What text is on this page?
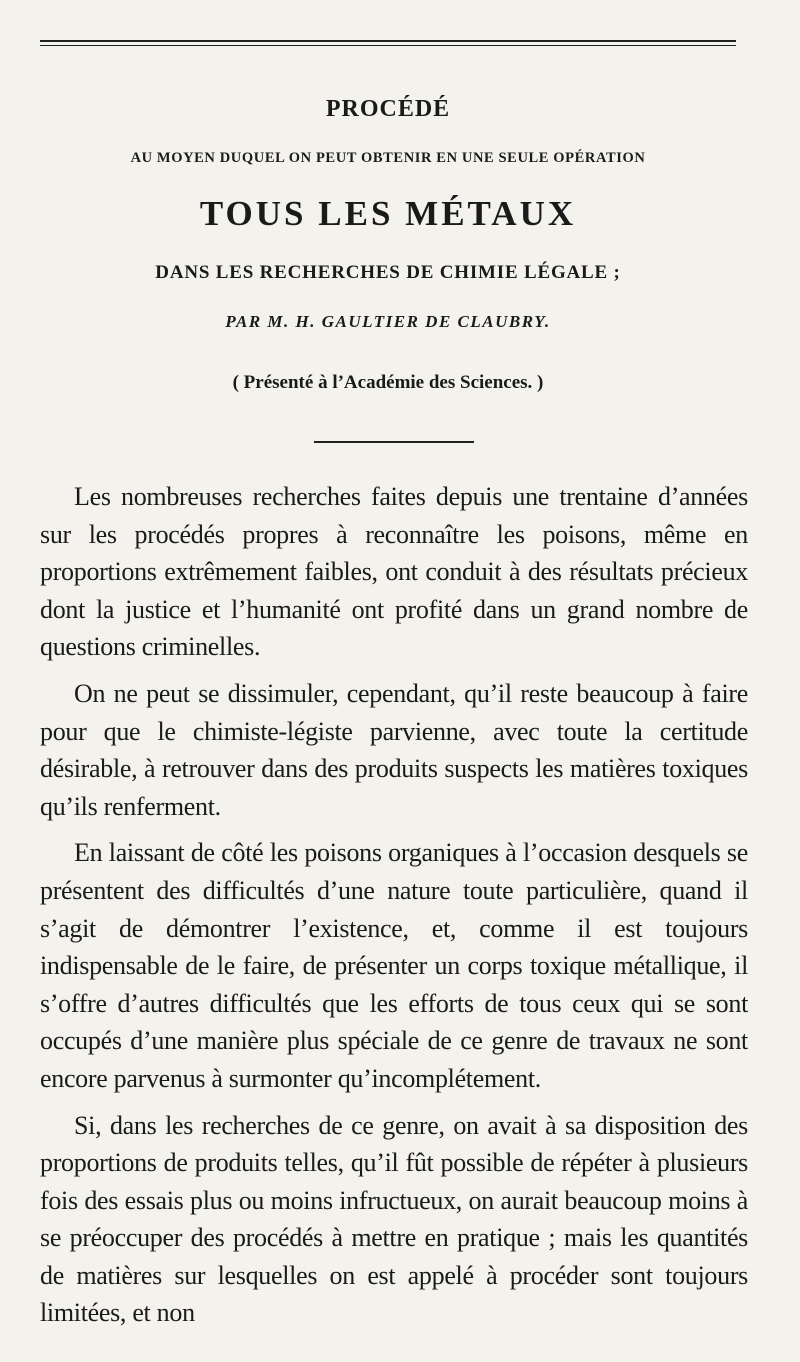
PROCÉDÉ
AU MOYEN DUQUEL ON PEUT OBTENIR EN UNE SEULE OPÉRATION
TOUS LES MÉTAUX
DANS LES RECHERCHES DE CHIMIE LÉGALE ;
PAR M. H. GAULTIER DE CLAUBRY.
( Présenté à l’Académie des Sciences. )

Les nombreuses recherches faites depuis une trentaine d’années sur les procédés propres à reconnaître les poisons, même en proportions extrêmement faibles, ont conduit à des résultats précieux dont la justice et l’humanité ont profité dans un grand nombre de questions criminelles.

On ne peut se dissimuler, cependant, qu’il reste beaucoup à faire pour que le chimiste-légiste parvienne, avec toute la certitude désirable, à retrouver dans des produits suspects les matières toxiques qu’ils renferment.

En laissant de côté les poisons organiques à l’occasion desquels se présentent des difficultés d’une nature toute particulière, quand il s’agit de démontrer l’existence, et, comme il est toujours indispensable de le faire, de présenter un corps toxique métallique, il s’offre d’autres difficultés que les efforts de tous ceux qui se sont occupés d’une manière plus spéciale de ce genre de travaux ne sont encore parvenus à surmonter qu’incomplétement.

Si, dans les recherches de ce genre, on avait à sa disposition des proportions de produits telles, qu’il fût possible de répéter à plusieurs fois des essais plus ou moins infructueux, on aurait beaucoup moins à se préoccuper des procédés à mettre en pratique ; mais les quantités de matières sur lesquelles on est appelé à procéder sont toujours limitées, et non
